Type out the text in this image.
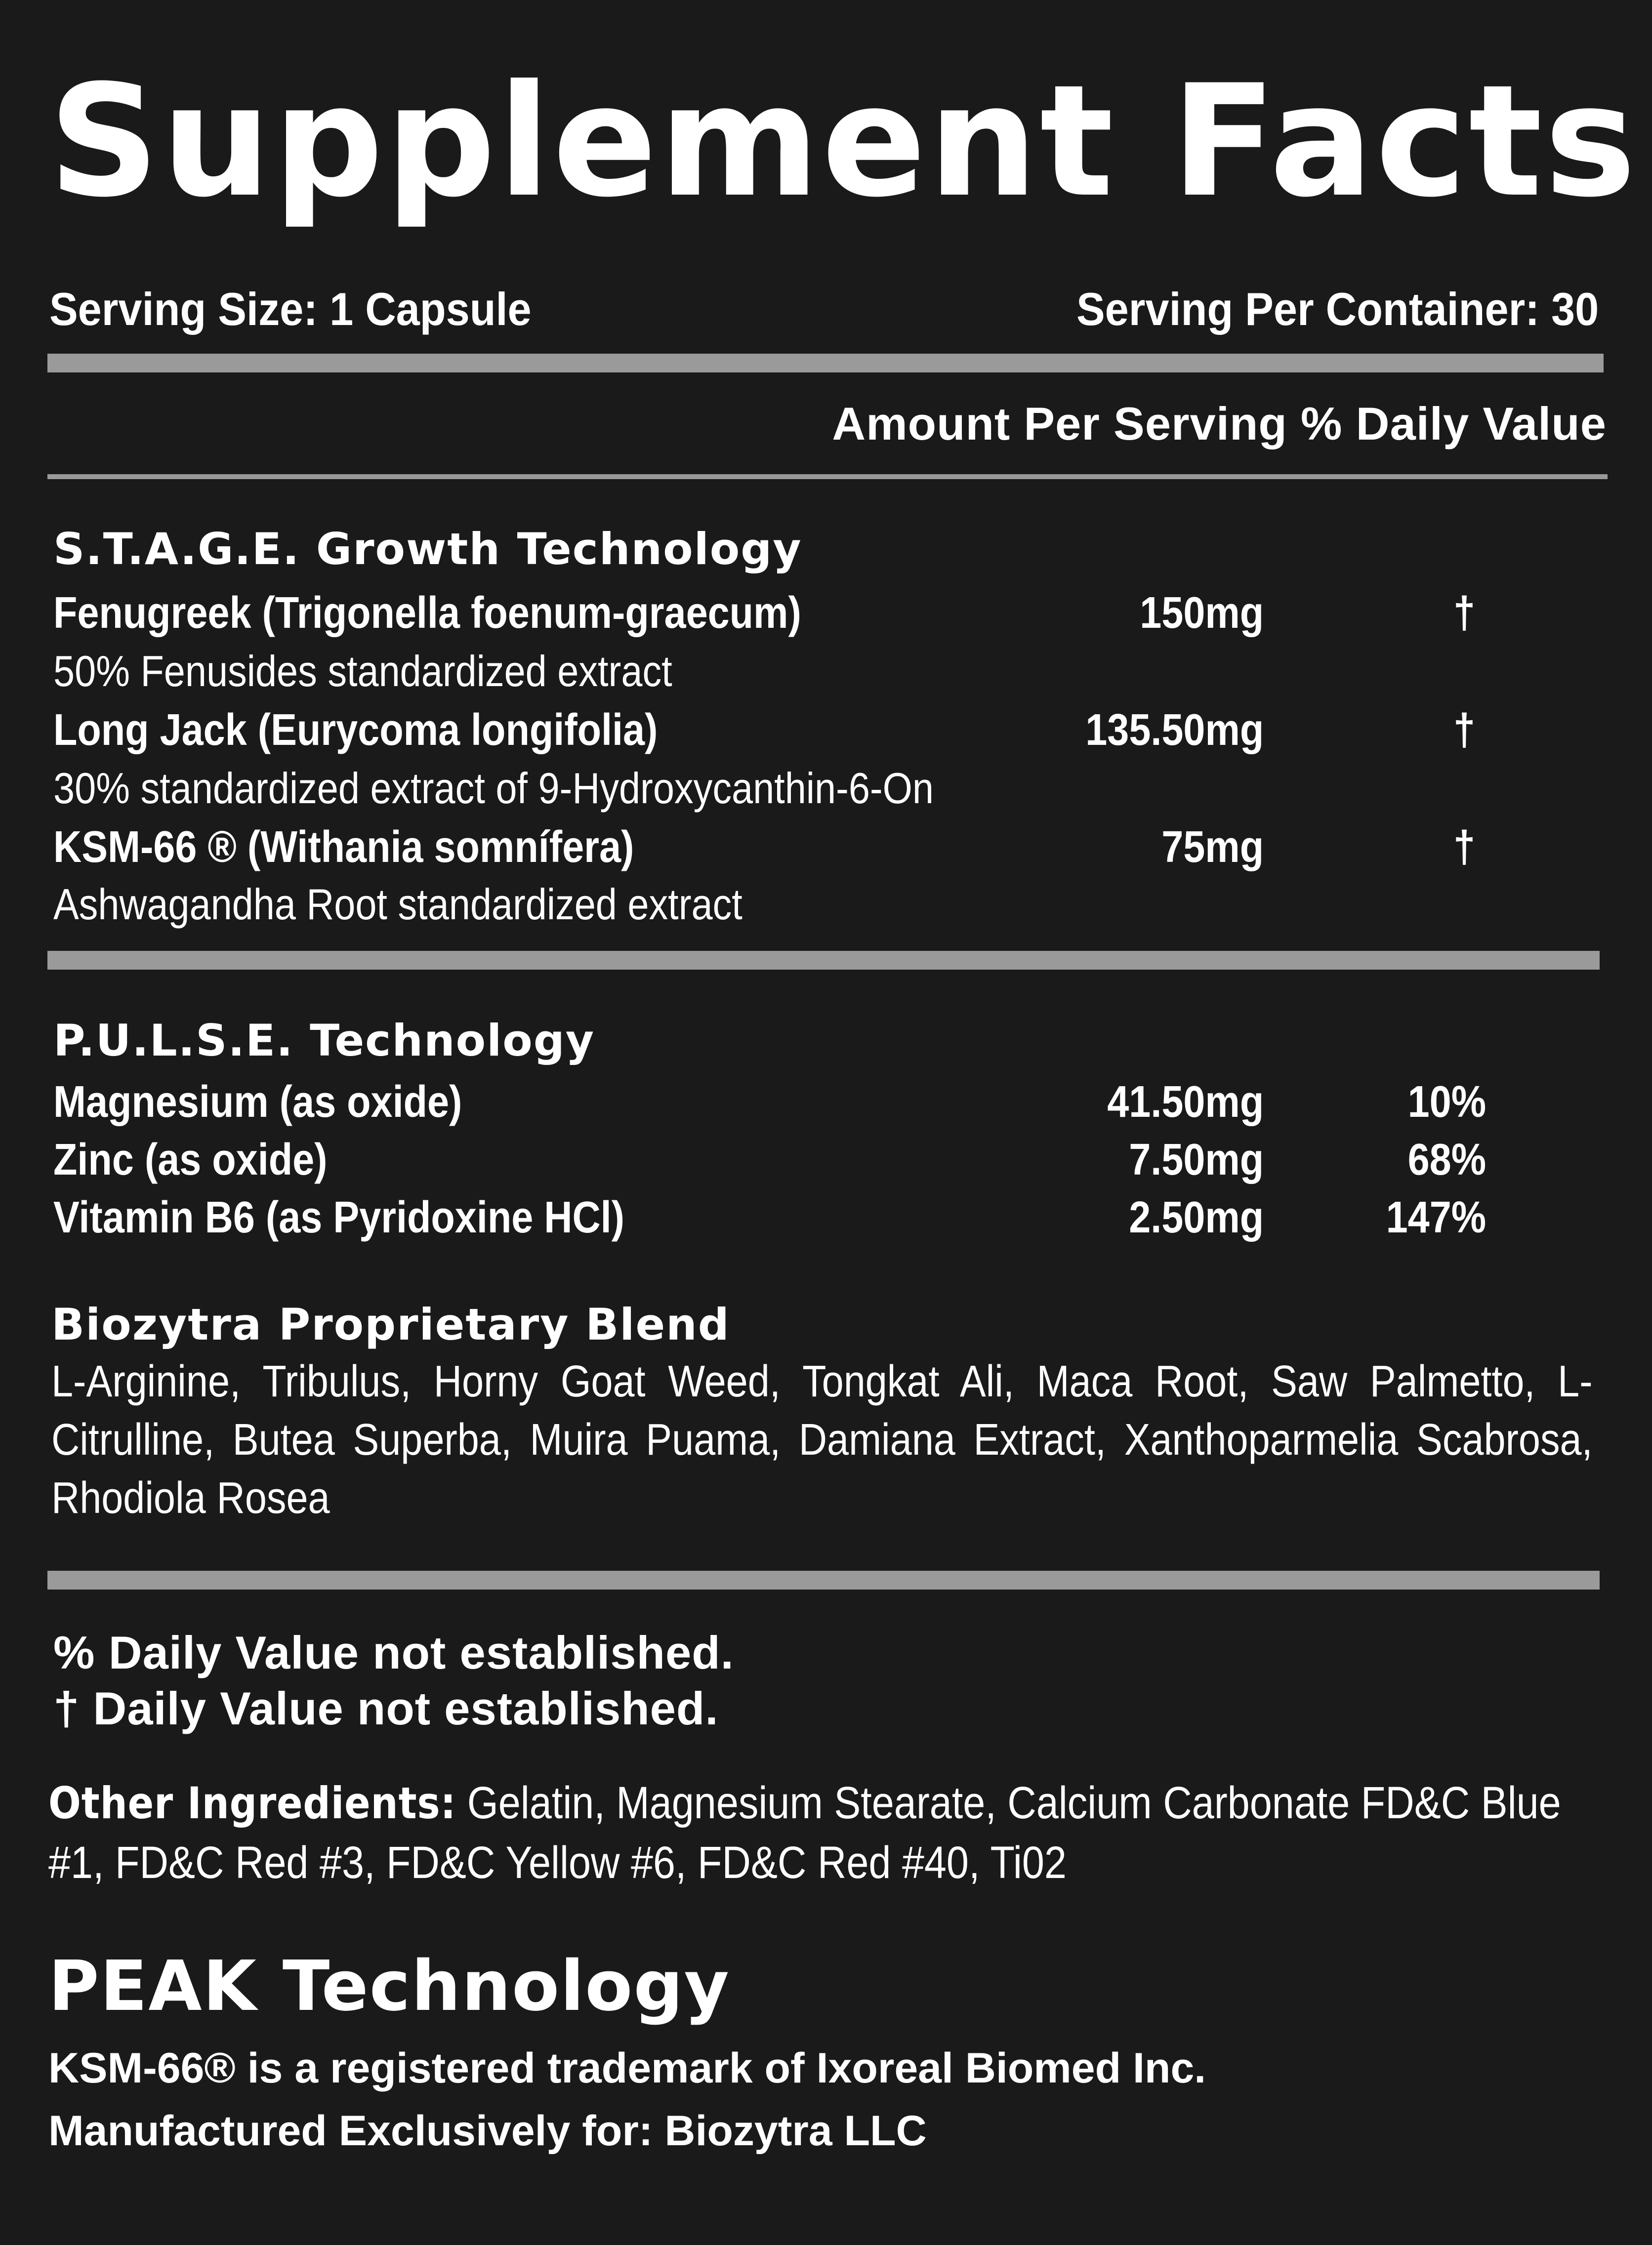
Supplement Facts
Serving Size: 1 Capsule	Serving Per Container: 30
Amount Per Serving % Daily Value
S.T.A.G.E. Growth Technology
Fenugreek (Trigonella foenum-graecum)	150mg	†
50% Fenusides standardized extract
Long Jack (Eurycoma longifolia)	135.50mg	†
30% standardized extract of 9-Hydroxycanthin-6-On
KSM-66 ® (Withania somnífera)	75mg	†
Ashwagandha Root standardized extract
P.U.L.S.E. Technology
Magnesium (as oxide)	41.50mg	10%
Zinc (as oxide)	7.50mg	68%
Vitamin B6 (as Pyridoxine HCl)	2.50mg	147%
Biozytra Proprietary Blend
L-Arginine, Tribulus, Horny Goat Weed, Tongkat Ali, Maca Root, Saw Palmetto, L-Citrulline, Butea Superba, Muira Puama, Damiana Extract, Xanthoparmelia Scabrosa, Rhodiola Rosea
% Daily Value not established.
† Daily Value not established.
Other Ingredients: Gelatin, Magnesium Stearate, Calcium Carbonate FD&C Blue #1, FD&C Red #3, FD&C Yellow #6, FD&C Red #40, Ti02
PEAK Technology
KSM-66® is a registered trademark of Ixoreal Biomed Inc.
Manufactured Exclusively for: Biozytra LLC
